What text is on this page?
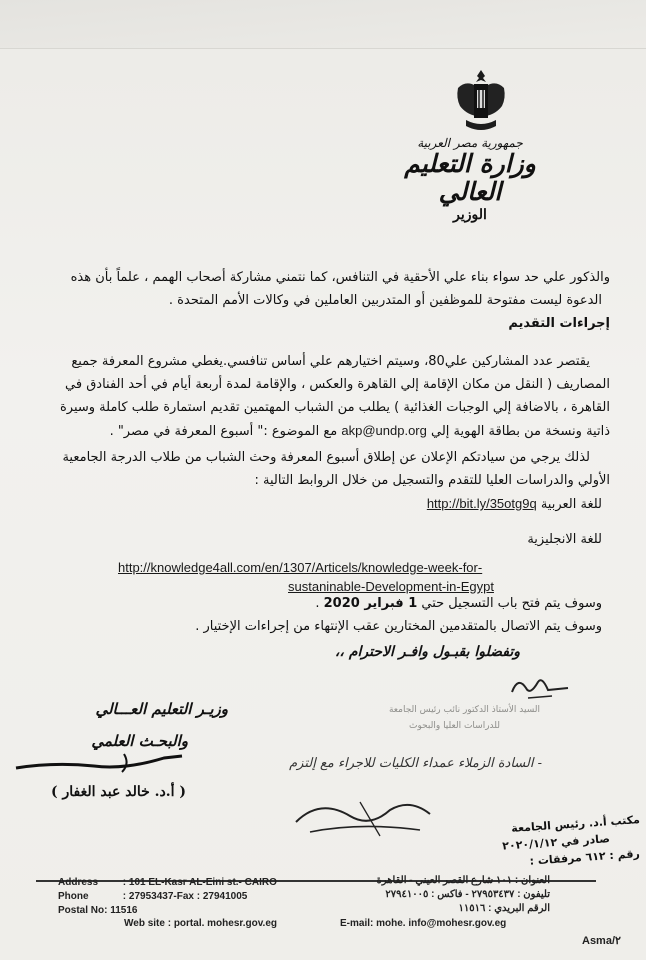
جمهورية مصر العربية
وزارة التعليم العالي
الوزير
والذكور علي حد سواء بناء علي الأحقية في التنافس، كما نتمني مشاركة أصحاب الهمم ، علماً بأن هذه
الدعوة ليست مفتوحة للموظفين أو المتدربين العاملين في وكالات الأمم المتحدة .
إجراءات التقديم
يقتصر عدد المشاركين علي80، وسيتم اختيارهم علي أساس تنافسي.يغطي مشروع المعرفة جميع
المصاريف ( النقل من مكان الإقامة إلي القاهرة والعكس ، والإقامة لمدة أربعة أيام في أحد الفنادق في
القاهرة ، بالاضافة إلي الوجبات الغذائية ) يطلب من الشباب المهتمين تقديم استمارة طلب كاملة وسيرة
ذاتية ونسخة من بطاقة الهوية إلي akp@undp.org مع الموضوع :" أسبوع المعرفة في مصر" .
لذلك يرجي من سيادتكم الإعلان عن إطلاق أسبوع المعرفة وحث الشباب من طلاب الدرجة الجامعية
الأولي والدراسات العليا للتقدم والتسجيل من خلال الروابط التالية :
للغة العربية http://bit.ly/35otg9q
للغة الانجليزية
http://knowledge4all.com/en/1307/Articels/knowledge-week-for-
sustaninable-Development-in-Egypt
وسوف يتم فتح باب التسجيل حتي 1 فبراير 2020 .
وسوف يتم الاتصال بالمتقدمين المختارين عقب الإنتهاء من إجراءات الإختيار .
وتفضلوا بقبـول وافـر الاحترام ،،
وزيـر التعليم العـــالي
والبحـث العلمي
( أ.د. خالد عبد الغفار )
السيد الأستاذ الدكتور نائب رئيس الجامعة
للدراسات العليا والبحوث
- السادة الزملاء عمداء الكليات للاجراء مع إلتزم
مكتب أ.د. رئيس الجامعة
صادر في ٢٠٢٠/١/١٢
رقم : ٦١٢ مرفقات :
Address : 101 EL-Kasr AL-Eini st.- CAIRO
Phone	: 27953437-Fax : 27941005
Postal No: 11516
العنوان : ١٠١ شارع القصر العيني - القاهرة
تليفون : ٢٧٩٥٣٤٣٧ - فاكس : ٢٧٩٤١٠٠٥
الرقم البريدي : ١١٥١٦
Web site : portal. mohesr.gov.eg	E-mail: mohe. info@mohesr.gov.eg
Asma/٢
